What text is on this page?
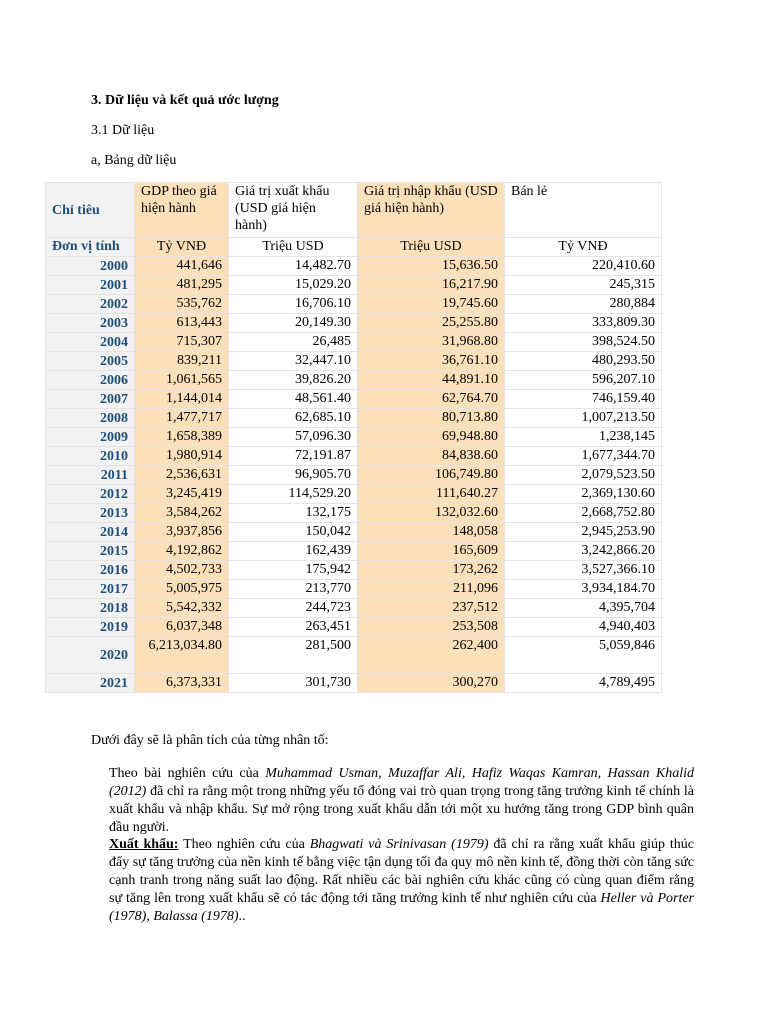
3. Dữ liệu và kết quả ước lượng
3.1 Dữ liệu
a, Bảng dữ liệu
Chỉ tiêu	GDP theo giá hiện hành	Giá trị xuất khẩu (USD giá hiện hành)	Giá trị nhập khẩu (USD giá hiện hành)	Bán lẻ
Đơn vị tính	Tỷ VNĐ	Triệu USD	Triệu USD	Tỷ VNĐ
2000	441,646	14,482.70	15,636.50	220,410.60
2001	481,295	15,029.20	16,217.90	245,315
2002	535,762	16,706.10	19,745.60	280,884
2003	613,443	20,149.30	25,255.80	333,809.30
2004	715,307	26,485	31,968.80	398,524.50
2005	839,211	32,447.10	36,761.10	480,293.50
2006	1,061,565	39,826.20	44,891.10	596,207.10
2007	1,144,014	48,561.40	62,764.70	746,159.40
2008	1,477,717	62,685.10	80,713.80	1,007,213.50
2009	1,658,389	57,096.30	69,948.80	1,238,145
2010	1,980,914	72,191.87	84,838.60	1,677,344.70
2011	2,536,631	96,905.70	106,749.80	2,079,523.50
2012	3,245,419	114,529.20	111,640.27	2,369,130.60
2013	3,584,262	132,175	132,032.60	2,668,752.80
2014	3,937,856	150,042	148,058	2,945,253.90
2015	4,192,862	162,439	165,609	3,242,866.20
2016	4,502,733	175,942	173,262	3,527,366.10
2017	5,005,975	213,770	211,096	3,934,184.70
2018	5,542,332	244,723	237,512	4,395,704
2019	6,037,348	263,451	253,508	4,940,403
2020	6,213,034.80	281,500	262,400	5,059,846
2021	6,373,331	301,730	300,270	4,789,495
Dưới đây sẽ là phân tích của từng nhân tố:
Theo bài nghiên cứu của Muhammad Usman, Muzaffar Ali, Hafiz Waqas Kamran, Hassan Khalid (2012) đã chỉ ra rằng một trong những yếu tố đóng vai trò quan trọng trong tăng trưởng kinh tế chính là xuất khẩu và nhập khẩu. Sự mở rộng trong xuất khẩu dẫn tới một xu hướng tăng trong GDP bình quân đầu người.
Xuất khẩu: Theo nghiên cứu của Bhagwati và Srinivasan (1979) đã chỉ ra rằng xuất khẩu giúp thúc đẩy sự tăng trưởng của nền kinh tế bằng việc tận dụng tối đa quy mô nền kinh tế, đồng thời còn tăng sức cạnh tranh trong năng suất lao động. Rất nhiều các bài nghiên cứu khác cũng có cùng quan điểm rằng sự tăng lên trong xuất khẩu sẽ có tác động tới tăng trưởng kinh tế như nghiên cứu của Heller và Porter (1978), Balassa (1978)..
